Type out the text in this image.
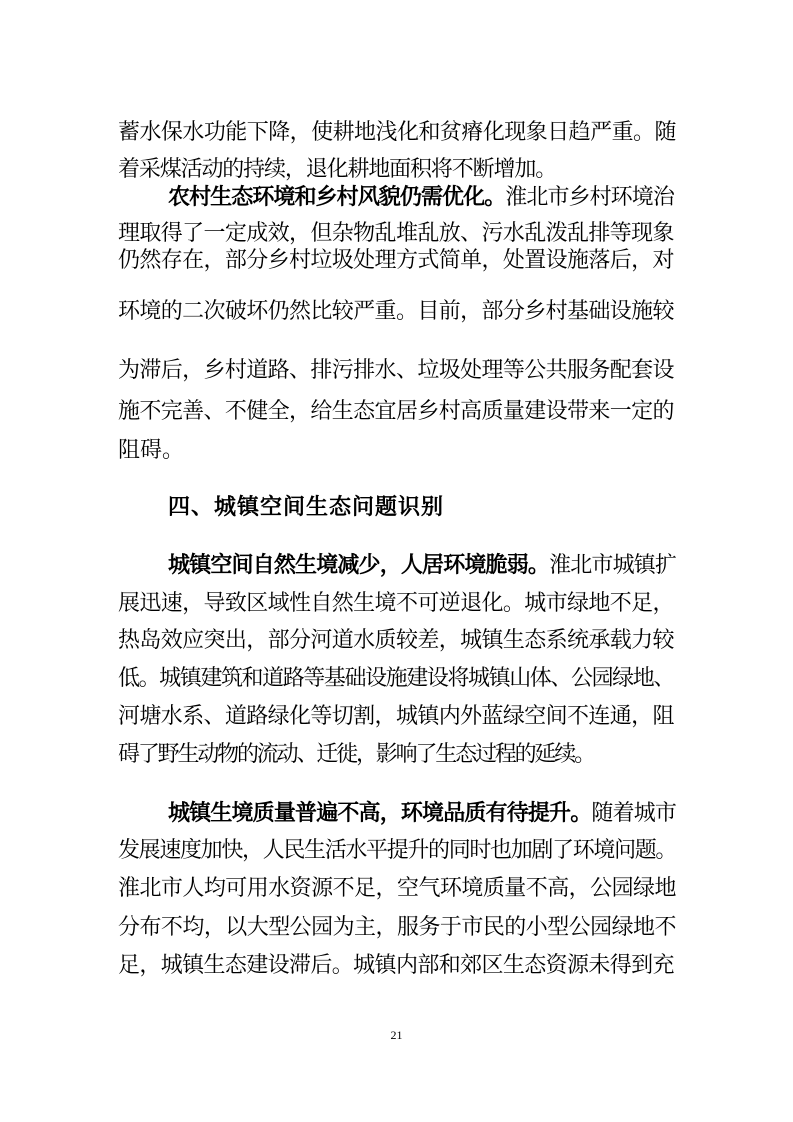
蓄水保水功能下降，使耕地浅化和贫瘠化现象日趋严重。随
着采煤活动的持续，退化耕地面积将不断增加。
农村生态环境和乡村风貌仍需优化。淮北市乡村环境治
理取得了一定成效，但杂物乱堆乱放、污水乱泼乱排等现象
仍然存在，部分乡村垃圾处理方式简单，处置设施落后，对
环境的二次破坏仍然比较严重。目前，部分乡村基础设施较
为滞后，乡村道路、排污排水、垃圾处理等公共服务配套设
施不完善、不健全，给生态宜居乡村高质量建设带来一定的
阻碍。
四、城镇空间生态问题识别
城镇空间自然生境减少，人居环境脆弱。淮北市城镇扩
展迅速，导致区域性自然生境不可逆退化。城市绿地不足，
热岛效应突出，部分河道水质较差，城镇生态系统承载力较
低。城镇建筑和道路等基础设施建设将城镇山体、公园绿地、
河塘水系、道路绿化等切割，城镇内外蓝绿空间不连通，阻
碍了野生动物的流动、迁徙，影响了生态过程的延续。
城镇生境质量普遍不高，环境品质有待提升。随着城市
发展速度加快，人民生活水平提升的同时也加剧了环境问题。
淮北市人均可用水资源不足，空气环境质量不高，公园绿地
分布不均，以大型公园为主，服务于市民的小型公园绿地不
足，城镇生态建设滞后。城镇内部和郊区生态资源未得到充
21
